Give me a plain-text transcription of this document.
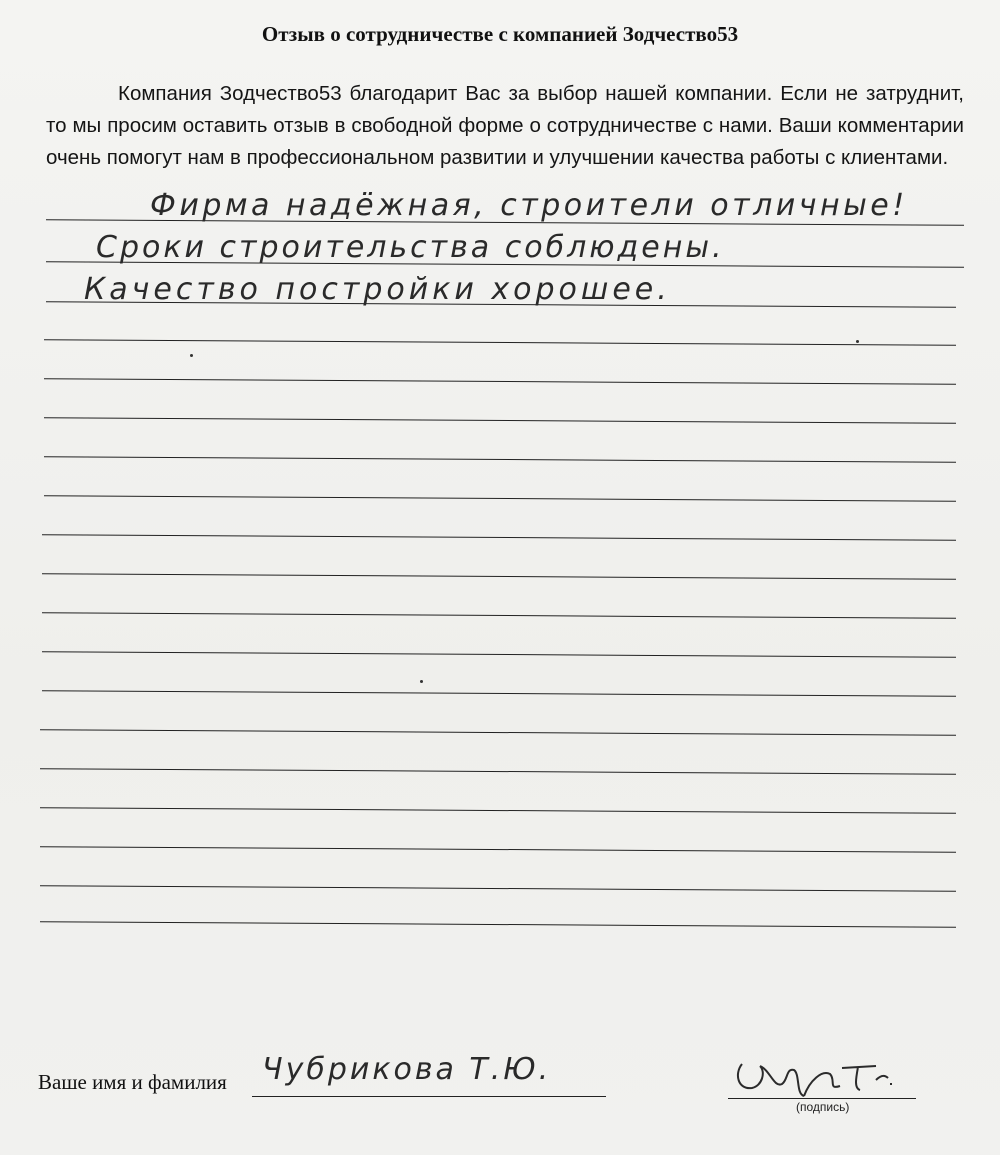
Отзыв о сотрудничестве с компанией Зодчество53
Компания Зодчество53 благодарит Вас за выбор нашей компании. Если не затруднит, то мы просим оставить отзыв в свободной форме о сотрудничестве с нами. Ваши комментарии очень помогут нам в профессиональном развитии и улучшении качества работы с клиентами.
Фирма надёжная, строители отличные!
Сроки строительства соблюдены.
Качество постройки хорошее.
Ваше имя и фамилия Чубрикова Т.Ю.
(подпись)
